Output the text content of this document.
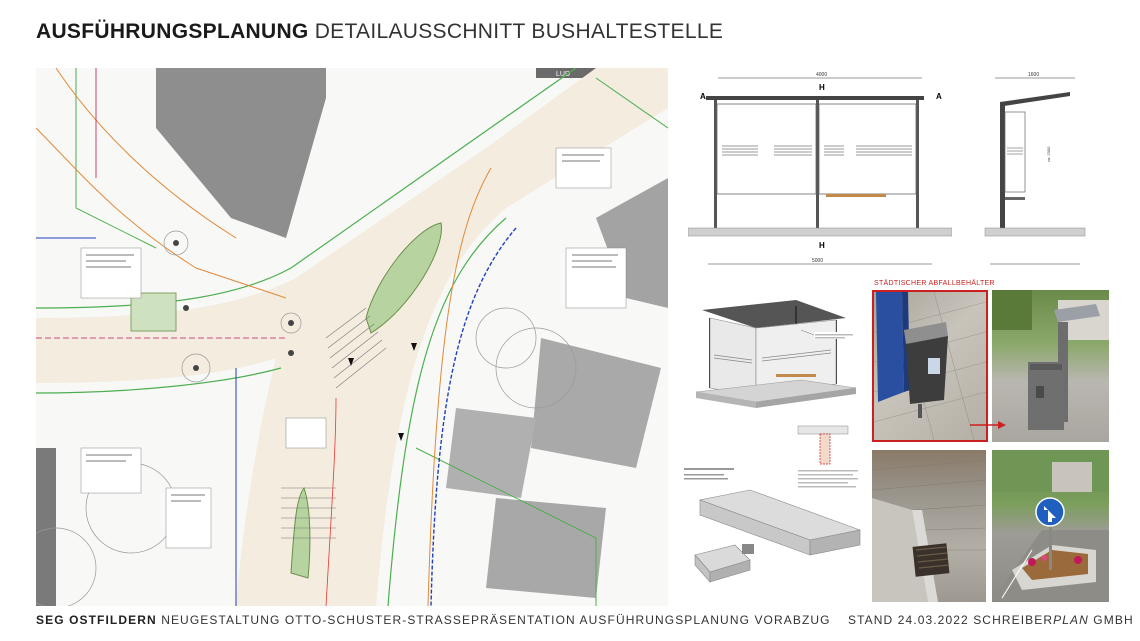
AUSFÜHRUNGSPLANUNG DETAILAUSSCHNITT BUSHALTESTELLE
LUD	4000
A	A
H
H
5000
1600
ca. 2300
STÄDTISCHER ABFALLBEHÄLTER
SEG OSTFILDERN NEUGESTALTUNG OTTO-SCHUSTER-STRASSE PRÄSENTATION AUSFÜHRUNGSPLANUNG VORABZUG STAND 24.03.2022 SCHREIBERPLAN GMBH
